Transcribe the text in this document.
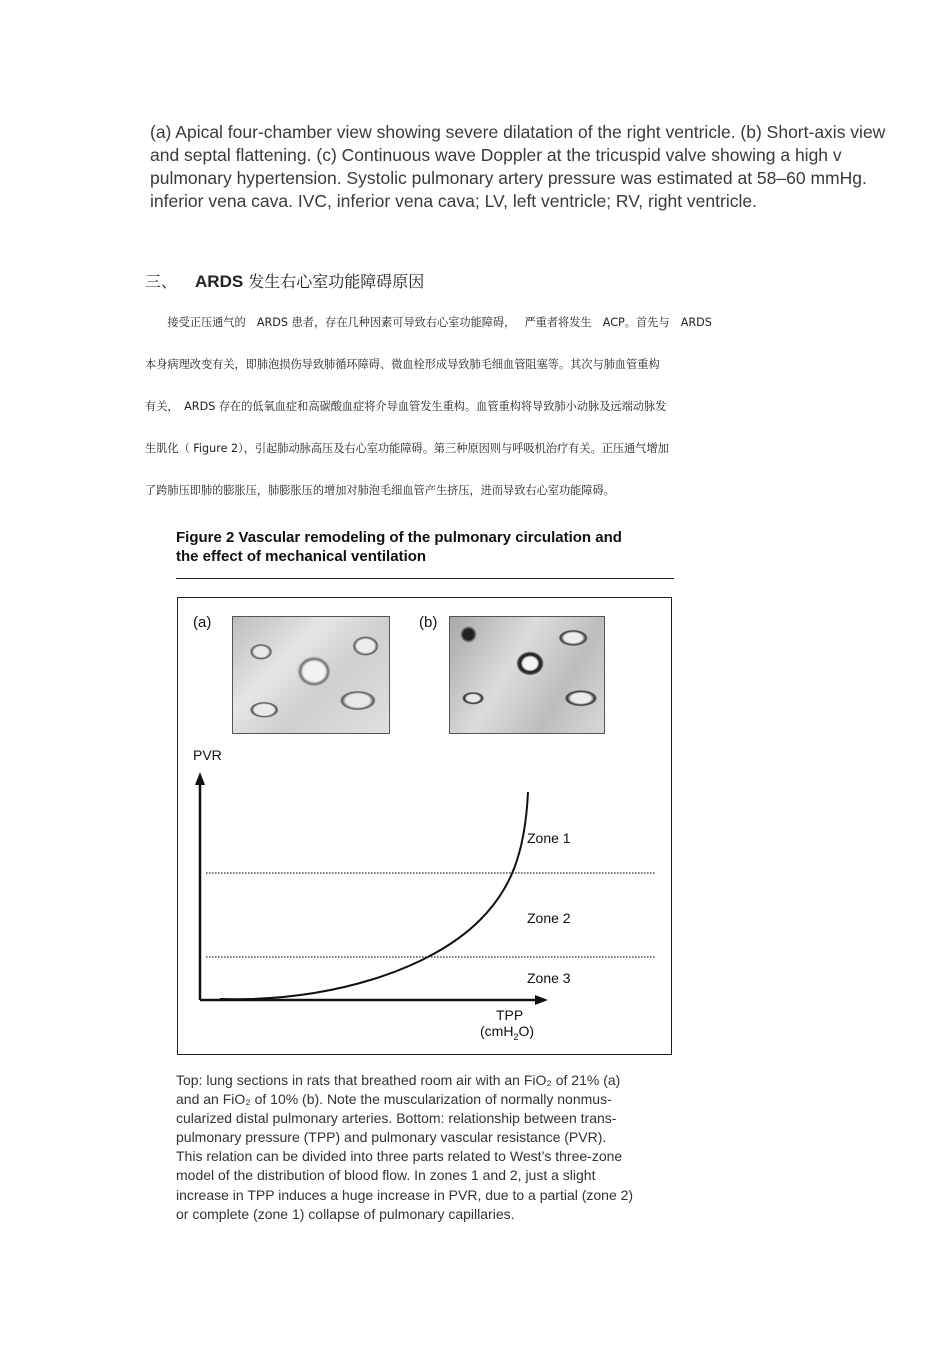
(a) Apical four-chamber view showing severe dilatation of the right ventricle. (b) Short-axis view
and septal flattening. (c) Continuous wave Doppler at the tricuspid valve showing a high v
pulmonary hypertension. Systolic pulmonary artery pressure was estimated at 58–60 mmHg.
inferior vena cava. IVC, inferior vena cava; LV, left ventricle; RV, right ventricle.
三、 ARDS 发生右心室功能障碍原因
　　接受正压通气的　ARDS 患者，存在几种因素可导致右心室功能障碍，　 严重者将发生　ACP。首先与　ARDS
本身病理改变有关，即肺泡损伤导致肺循环障碍、微血栓形成导致肺毛细血管阻塞等。其次与肺血管重构
有关，　ARDS 存在的低氧血症和高碳酸血症将介导血管发生重构。血管重构将导致肺小动脉及远端动脉发
生肌化（ Figure 2），引起肺动脉高压及右心室功能障碍。第三种原因则与呼吸机治疗有关。正压通气增加
了跨肺压即肺的膨胀压，肺膨胀压的增加对肺泡毛细血管产生挤压，进而导致右心室功能障碍。
Figure 2 Vascular remodeling of the pulmonary circulation and
the effect of mechanical ventilation
(a)	(b)
PVR
Zone 1
Zone 2
Zone 3
TPP
(cmH$_2$O)
Top: lung sections in rats that breathed room air with an FiO₂ of 21% (a)
and an FiO₂ of 10% (b). Note the muscularization of normally nonmus-
cularized distal pulmonary arteries. Bottom: relationship between trans-
pulmonary pressure (TPP) and pulmonary vascular resistance (PVR).
This relation can be divided into three parts related to West’s three-zone
model of the distribution of blood flow. In zones 1 and 2, just a slight
increase in TPP induces a huge increase in PVR, due to a partial (zone 2)
or complete (zone 1) collapse of pulmonary capillaries.
